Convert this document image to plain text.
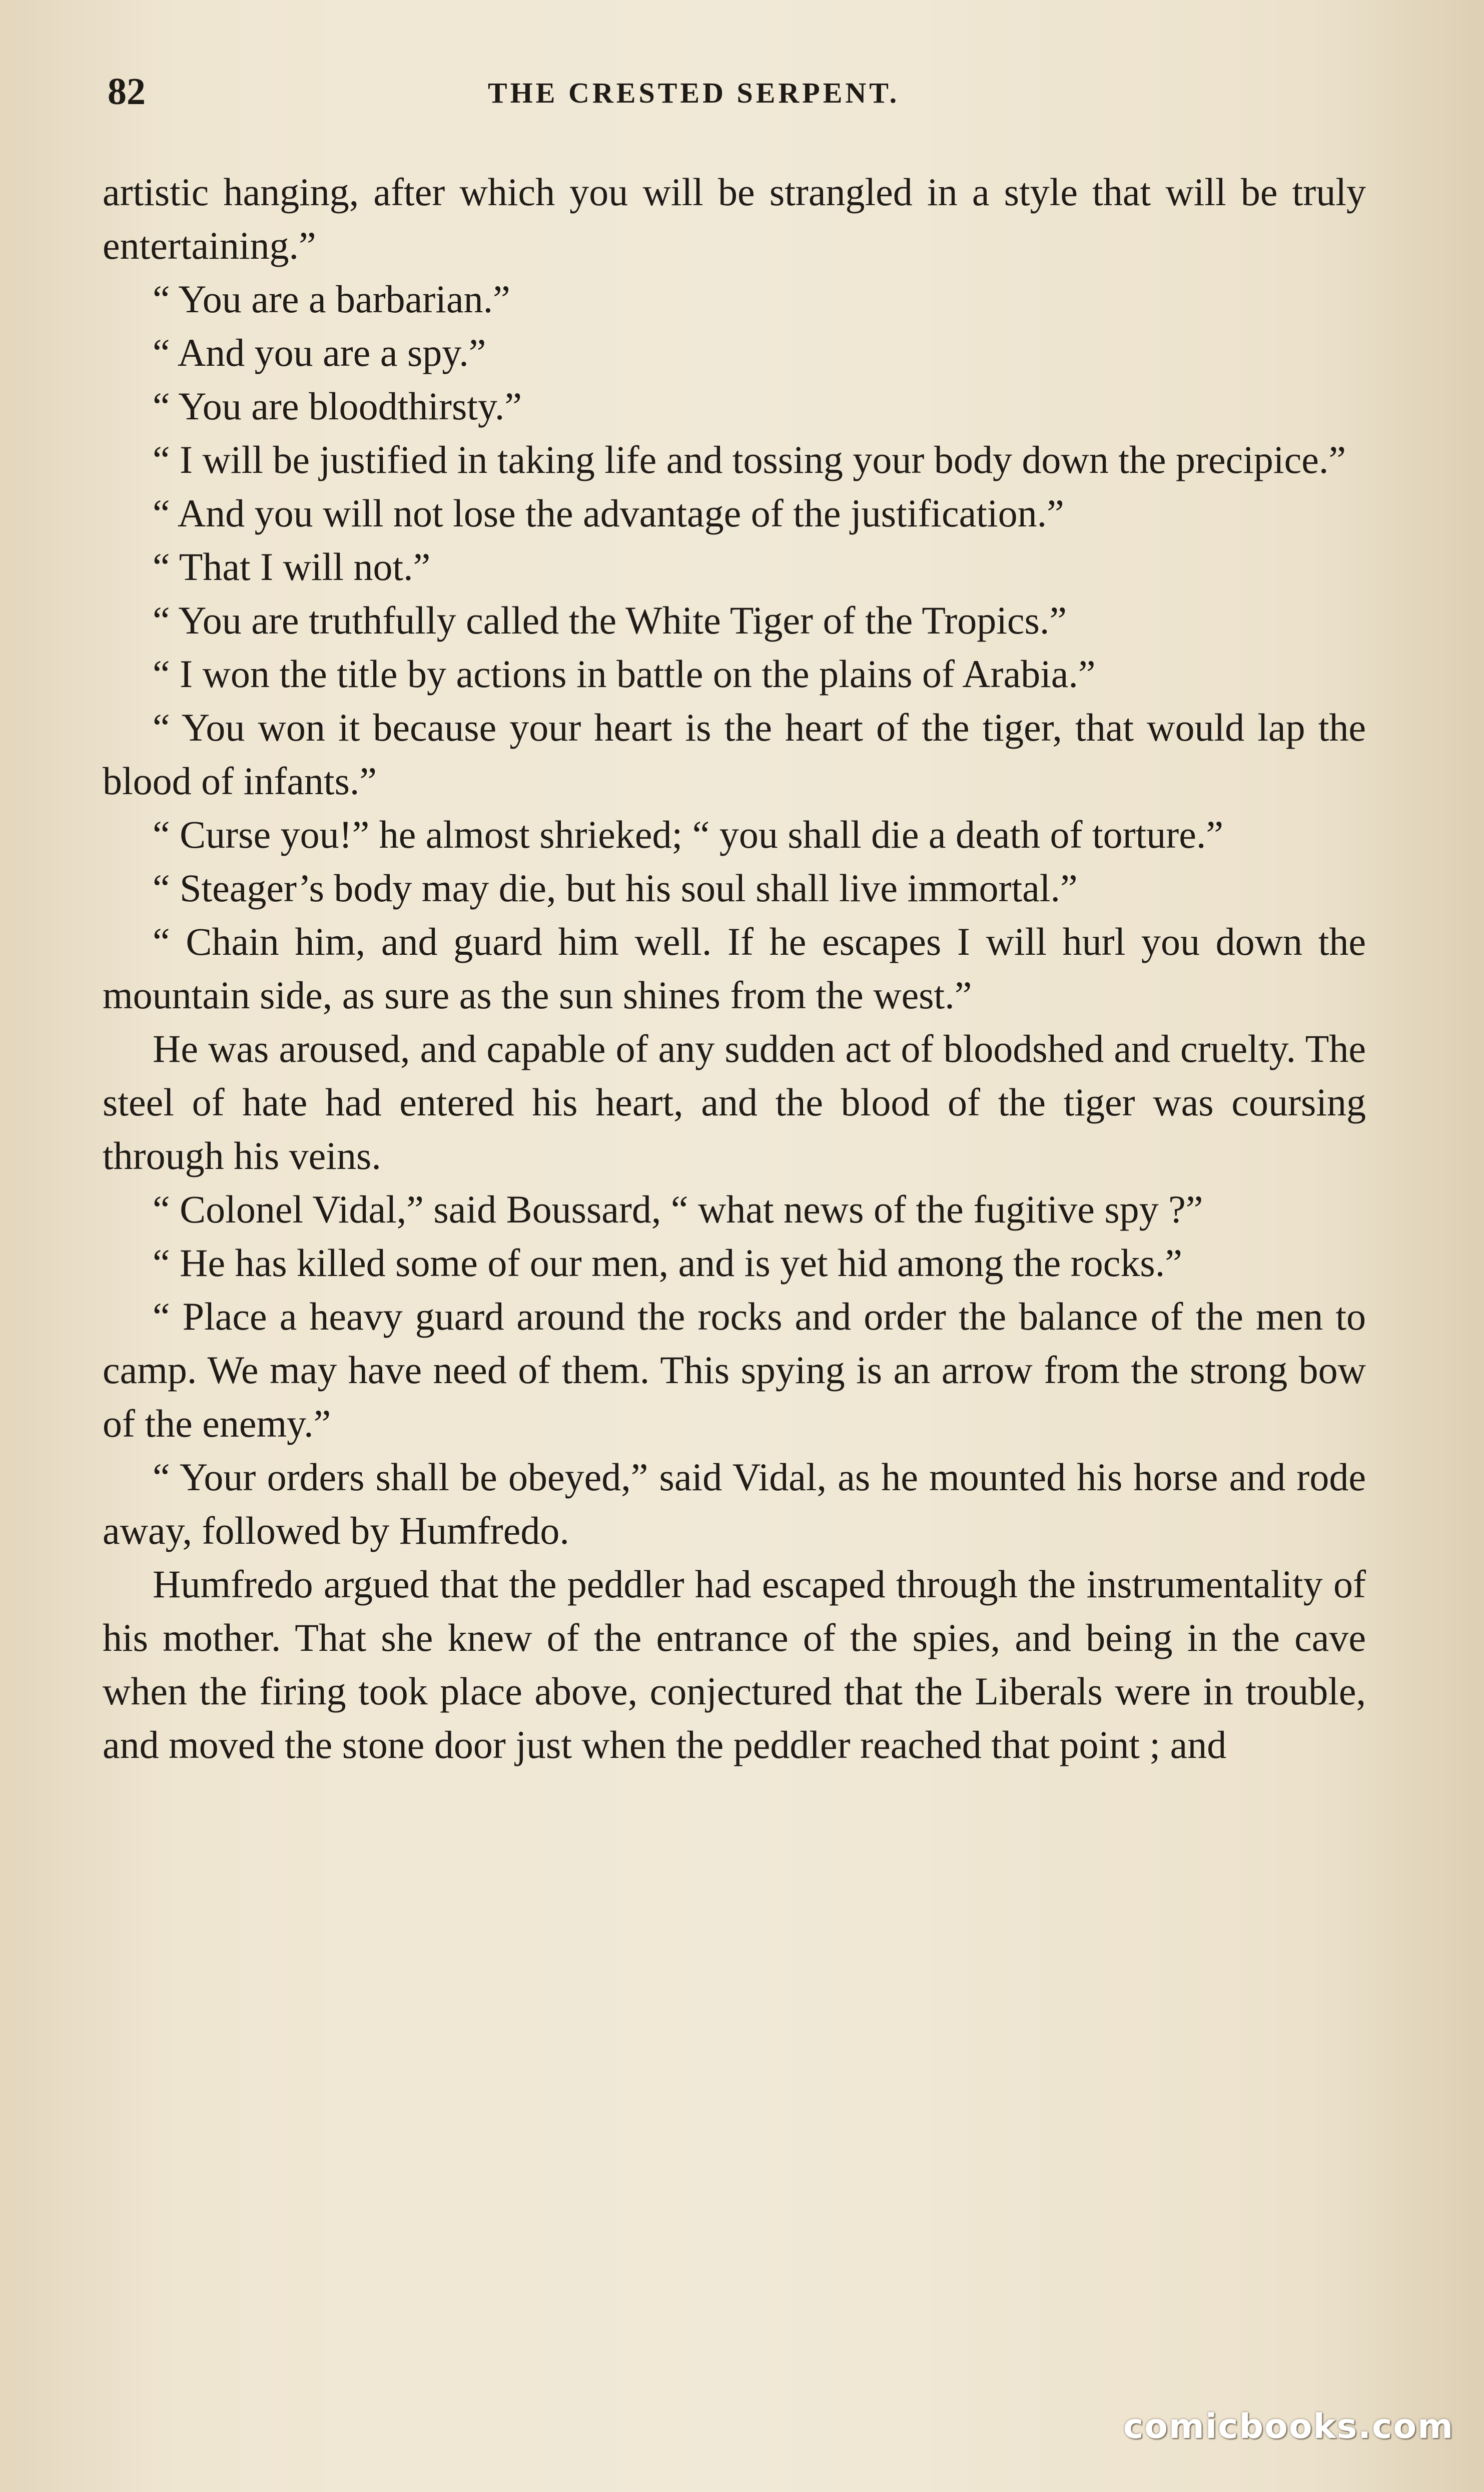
82	THE CRESTED SERPENT.

artistic hanging, after which you will be strangled in a style that will be truly entertaining.”

“ You are a barbarian.”

“ And you are a spy.”

“ You are bloodthirsty.”

“ I will be justified in taking life and tossing your body down the precipice.”

“ And you will not lose the advantage of the justification.”

“ That I will not.”

“ You are truthfully called the White Tiger of the Tropics.”

“ I won the title by actions in battle on the plains of Arabia.”

“ You won it because your heart is the heart of the tiger, that would lap the blood of infants.”

“ Curse you!” he almost shrieked; “ you shall die a death of torture.”

“ Steager’s body may die, but his soul shall live immortal.”

“ Chain him, and guard him well. If he escapes I will hurl you down the mountain side, as sure as the sun shines from the west.”

He was aroused, and capable of any sudden act of bloodshed and cruelty. The steel of hate had entered his heart, and the blood of the tiger was coursing through his veins.

“ Colonel Vidal,” said Boussard, “ what news of the fugitive spy ?”

“ He has killed some of our men, and is yet hid among the rocks.”

“ Place a heavy guard around the rocks and order the balance of the men to camp. We may have need of them. This spying is an arrow from the strong bow of the enemy.”

“ Your orders shall be obeyed,” said Vidal, as he mounted his horse and rode away, followed by Humfredo.

Humfredo argued that the peddler had escaped through the instrumentality of his mother. That she knew of the entrance of the spies, and being in the cave when the firing took place above, conjectured that the Liberals were in trouble, and moved the stone door just when the peddler reached that point ; and

comicbooks.com
